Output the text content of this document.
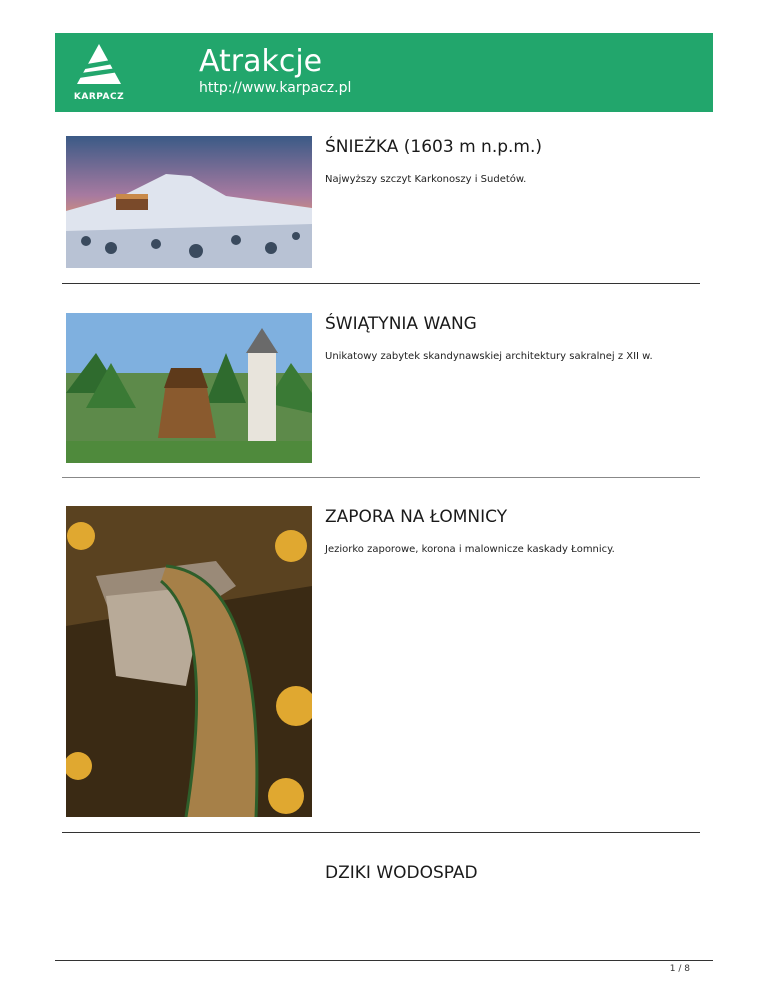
KARPACZ
Atrakcje
http://www.karpacz.pl
ŚNIEŻKA (1603 m n.p.m.)
Najwyższy szczyt Karkonoszy i Sudetów.
ŚWIĄTYNIA WANG
Unikatowy zabytek skandynawskiej architektury sakralnej z XII w.
ZAPORA NA ŁOMNICY
Jeziorko zaporowe, korona i malownicze kaskady Łomnicy.
DZIKI WODOSPAD
1 / 8
